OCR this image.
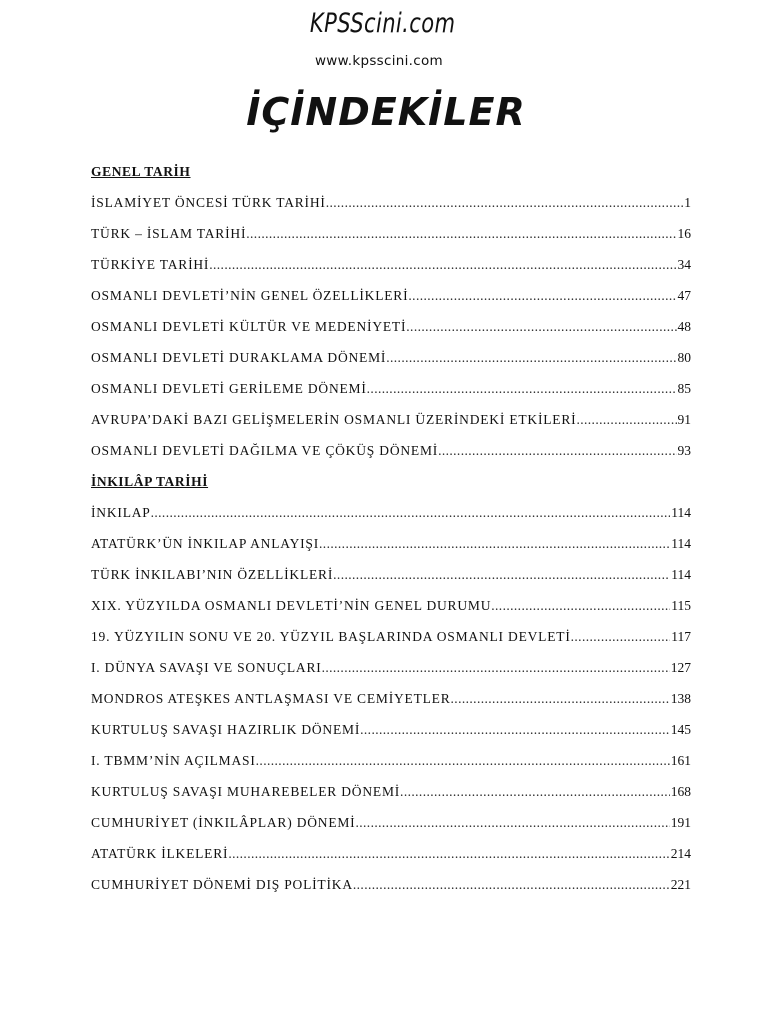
KPSScini.com
www.kpsscini.com
İÇİNDEKİLER
GENEL TARİH
İSLAMİYET ÖNCESİ TÜRK TARİHİ .....	1
TÜRK – İSLAM TARİHİ .....	16
TÜRKİYE TARİHİ .....	34
OSMANLI DEVLETİ’NİN GENEL ÖZELLİKLERİ .....	47
OSMANLI DEVLETİ KÜLTÜR VE MEDENİYETİ .....	48
OSMANLI DEVLETİ DURAKLAMA DÖNEMİ .....	80
OSMANLI DEVLETİ GERİLEME DÖNEMİ .....	85
AVRUPA’DAKİ BAZI GELİŞMELERİN OSMANLI ÜZERİNDEKİ ETKİLERİ .....	91
OSMANLI DEVLETİ DAĞILMA VE ÇÖKÜŞ DÖNEMİ .....	93
İNKILÂP TARİHİ
İNKILAP .....	114
ATATÜRK’ÜN İNKILAP ANLAYIŞI .....	114
TÜRK İNKILABI’NIN ÖZELLİKLERİ .....	114
XIX. YÜZYILDA OSMANLI DEVLETİ’NİN GENEL DURUMU .....	115
19. YÜZYILIN SONU VE 20. YÜZYIL BAŞLARINDA OSMANLI DEVLETİ .....	117
I. DÜNYA SAVAŞI VE SONUÇLARI .....	127
MONDROS ATEŞKES ANTLAŞMASI VE CEMİYETLER .....	138
KURTULUŞ SAVAŞI HAZIRLIK DÖNEMİ .....	145
I. TBMM’NİN AÇILMASI .....	161
KURTULUŞ SAVAŞI MUHAREBELER DÖNEMİ .....	168
CUMHURİYET (İNKILÂPLAR) DÖNEMİ .....	191
ATATÜRK İLKELERİ .....	214
CUMHURİYET DÖNEMİ DIŞ POLİTİKA .....	221
